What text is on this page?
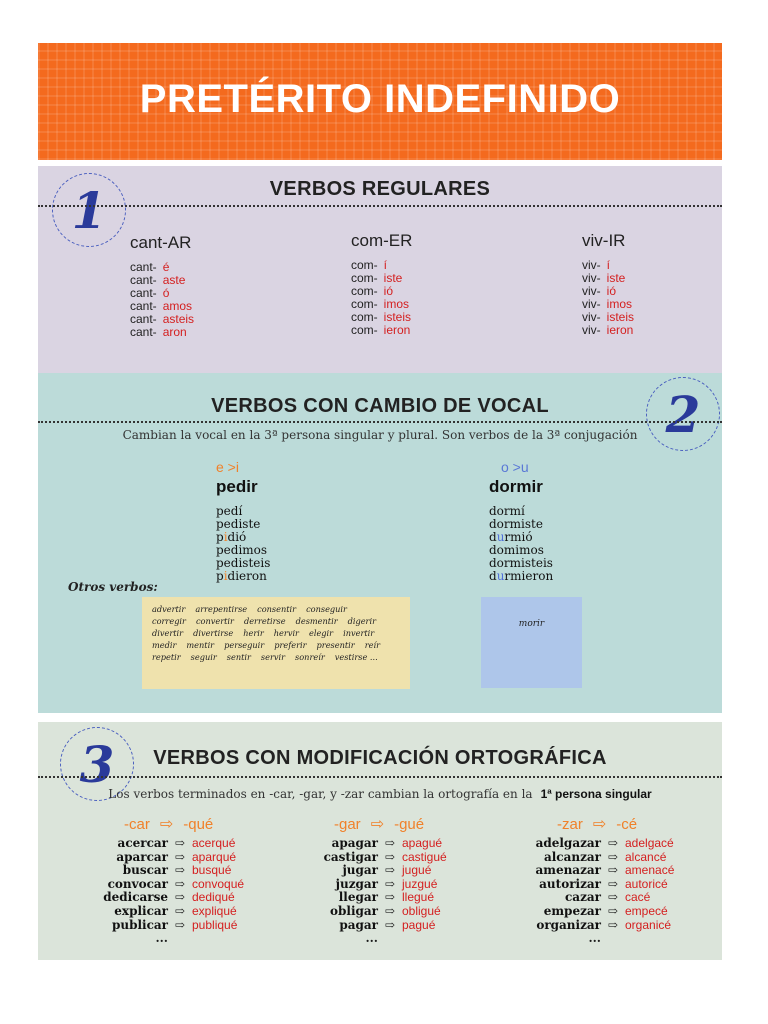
PRETÉRITO INDEFINIDO
1	VERBOS REGULARES
cant-AR
cant- é
cant- aste
cant- ó
cant- amos
cant- asteis
cant- aron
com-ER
com- í
com- iste
com- ió
com- imos
com- isteis
com- ieron
viv-IR
viv- í
viv- iste
viv- ió
viv- imos
viv- isteis
viv- ieron
2
VERBOS CON CAMBIO DE VOCAL
Cambian la vocal en la 3ª persona singular y plural. Son verbos de la 3ª conjugación
e >i
pedir
pedí
pediste
pidió
pedimos
pedisteis
pidieron
o >u
dormir
dormí
dormiste
durmió
domimos
dormisteis
durmieron
Otros verbos:
advertir arrepentirse consentir conseguircorregir convertir derretirse desmentir digerirdivertir divertirse herir hervir elegir invertirmedir mentir perseguir preferir presentir reírrepetir seguir sentir servir sonreír vestirse ...
morir
3	VERBOS CON MODIFICACIÓN ORTOGRÁFICA
Los verbos terminados en -car, -gar, y -zar cambian la ortografía en la 1ª persona singular
-car ⇨ -qué
acercar ⇨ acerqué
aparcar ⇨ aparqué
buscar ⇨ busqué
convocar ⇨ convoqué
dedicarse ⇨ dediqué
explicar ⇨ expliqué
publicar ⇨ publiqué
...
-gar ⇨ -gué
apagar ⇨ apagué
castigar ⇨ castigué
jugar ⇨ jugué
juzgar ⇨ juzgué
llegar ⇨ llegué
obligar ⇨ obligué
pagar ⇨ pagué
...
-zar ⇨ -cé
adelgazar ⇨ adelgacé
alcanzar ⇨ alcancé
amenazar ⇨ amenacé
autorizar ⇨ autoricé
cazar ⇨ cacé
empezar ⇨ empecé
organizar ⇨ organicé
...
